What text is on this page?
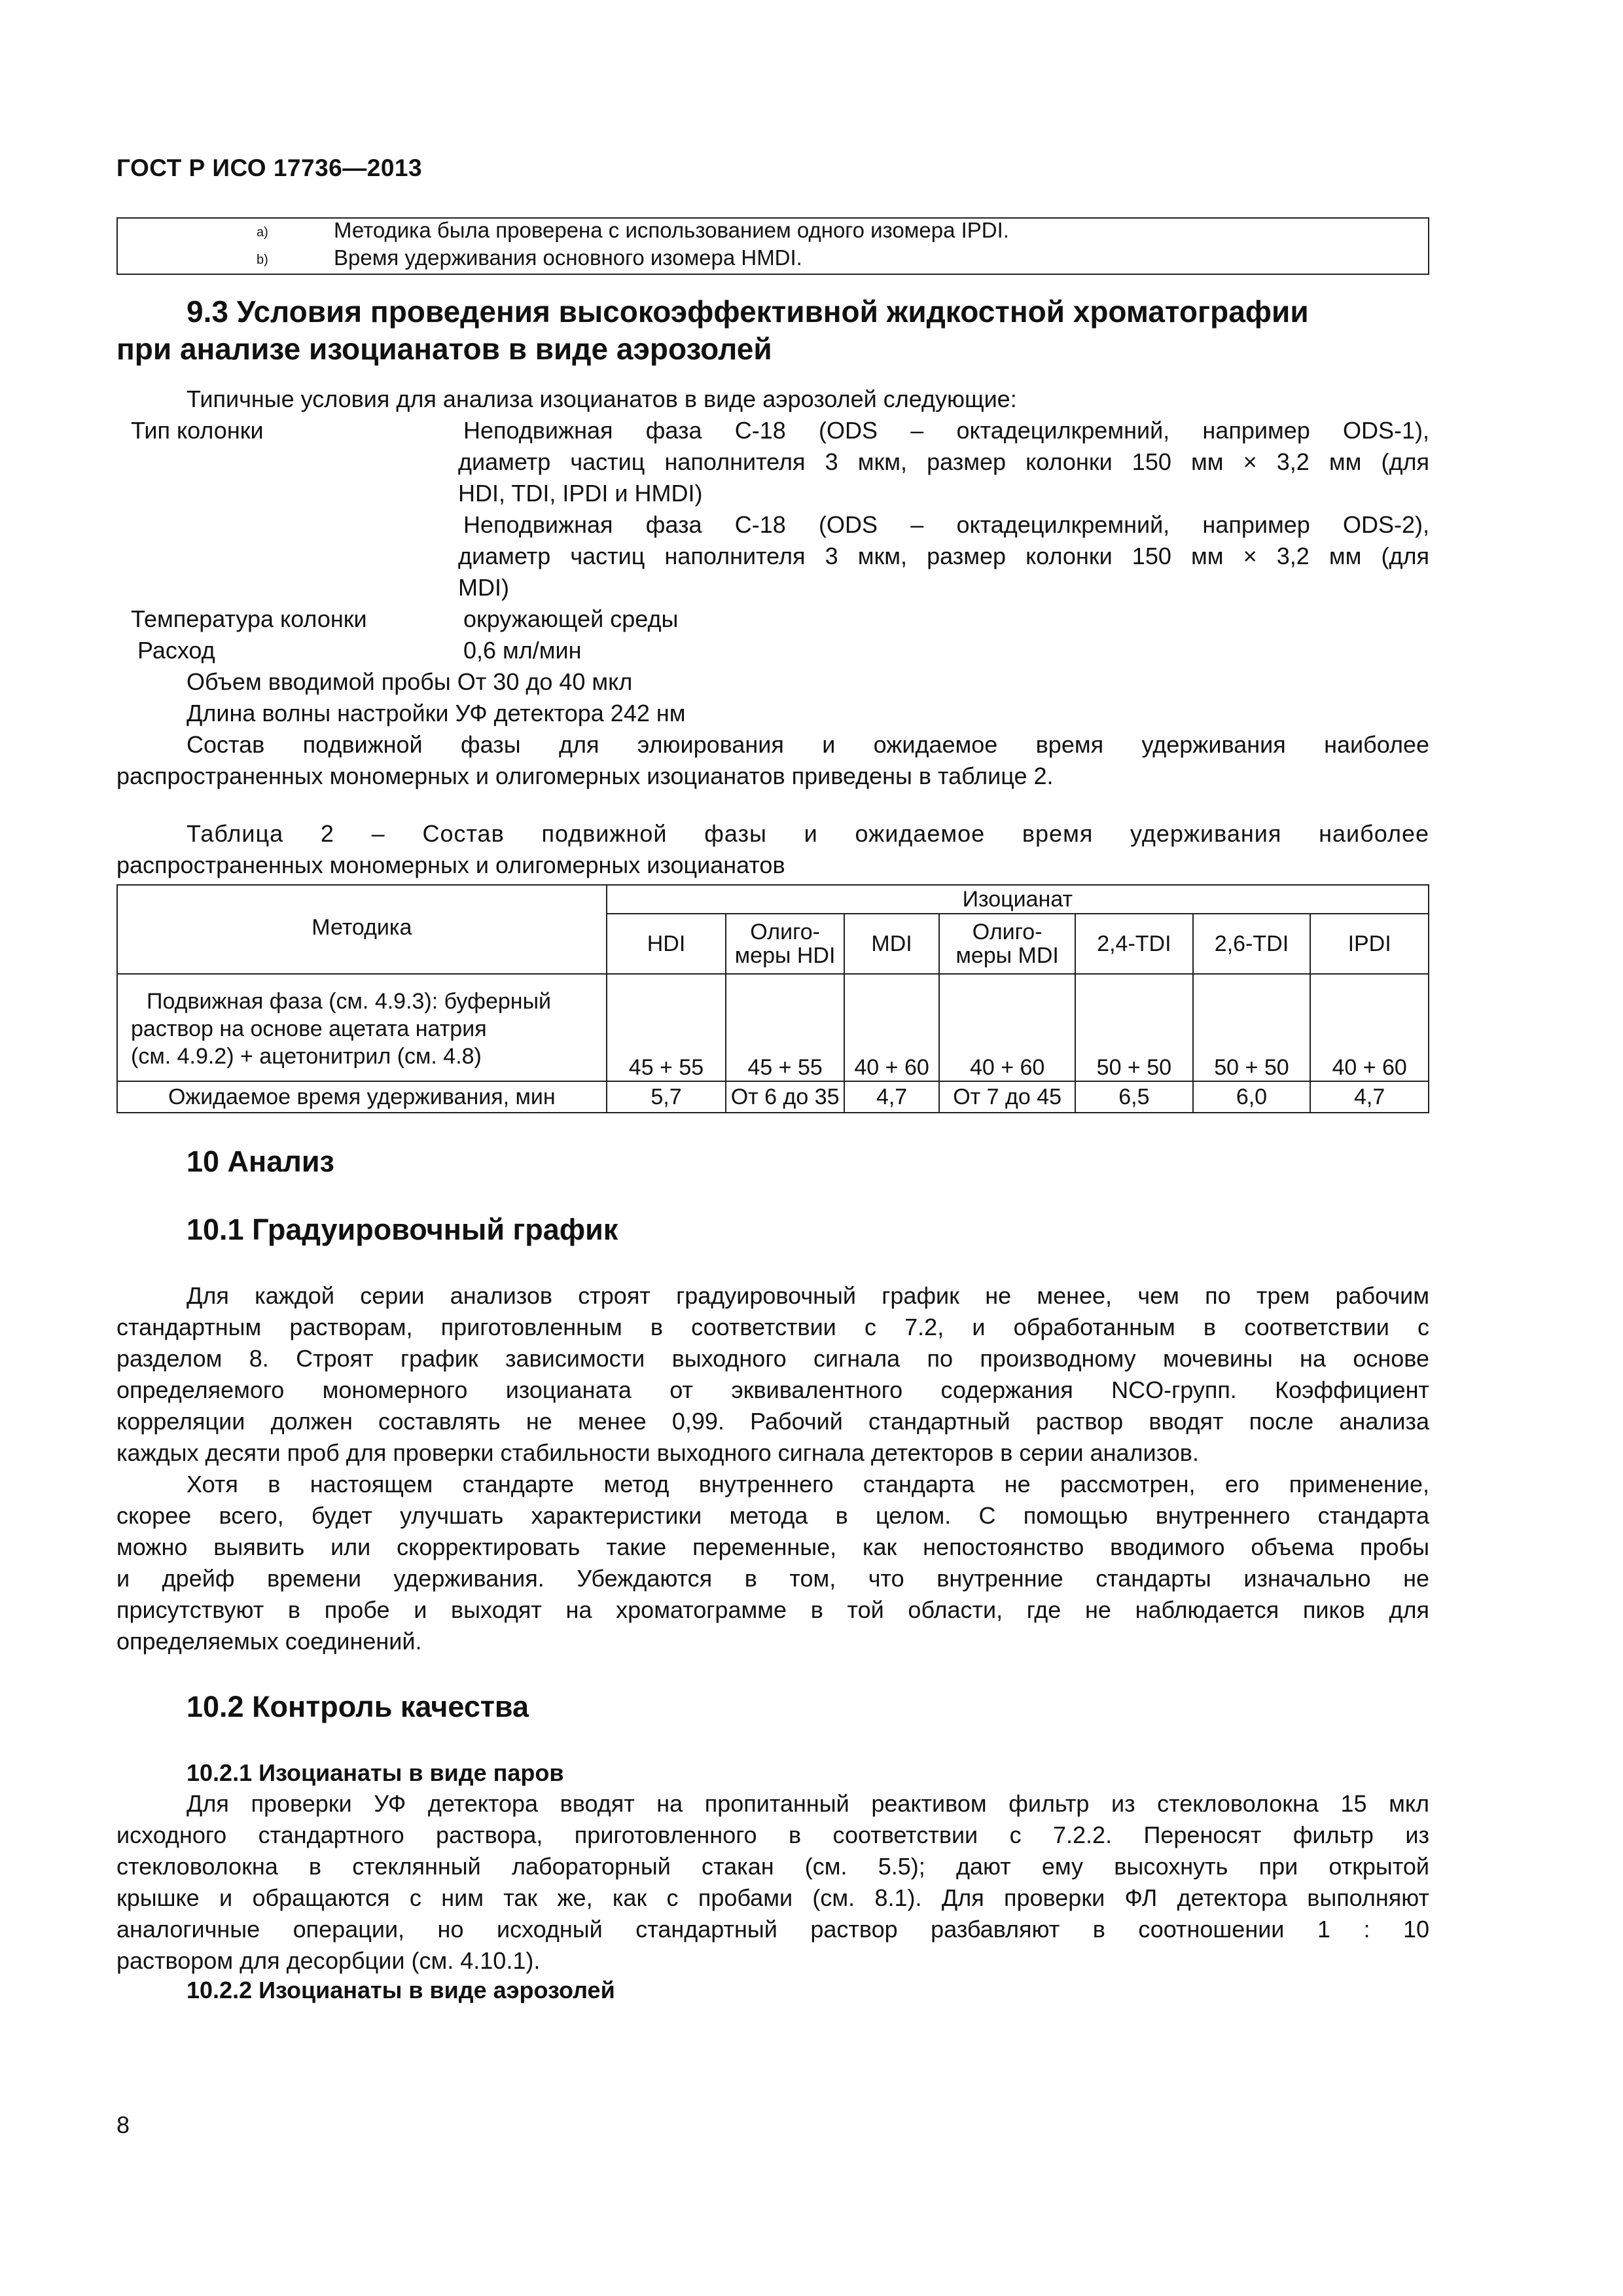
ГОСТ Р ИСО 17736—2013
a)	Методика была проверена с использованием одного изомера IPDI.
b)	Время удерживания основного изомера HMDI.
9.3 Условия проведения высокоэффективной жидкостной хроматографии
при анализе изоцианатов в виде аэрозолей
Типичные условия для анализа изоцианатов в виде аэрозолей следующие:
Тип колонки	Неподвижная фаза С-18 (ODS – октадецилкремний, например ODS-1),
диаметр частиц наполнителя 3 мкм, размер колонки 150 мм × 3,2 мм (для
HDI, TDI, IPDI и HMDI)
Неподвижная фаза С-18 (ODS – октадецилкремний, например ODS-2),
диаметр частиц наполнителя 3 мкм, размер колонки 150 мм × 3,2 мм (для
MDI)
Температура колонки	окружающей среды
Расход	0,6 мл/мин
Объем вводимой пробы От 30 до 40 мкл
Длина волны настройки УФ детектора 242 нм
Состав подвижной фазы для элюирования и ожидаемое время удерживания наиболее
распространенных мономерных и олигомерных изоцианатов приведены в таблице 2.
Таблица 2 – Состав подвижной фазы и ожидаемое время удерживания наиболее
распространенных мономерных и олигомерных изоцианатов
Методика	Изоцианат						
	HDI	Олиго-
меры HDI	MDI	Олиго-
меры MDI	2,4-TDI	2,6-TDI	IPDI

Подвижная фаза (см. 4.9.3): буферный
раствор на основе ацетата натрия
(см. 4.9.2) + ацетонитрил (см. 4.8)	45 + 55	45 + 55	40 + 60	40 + 60	50 + 50	50 + 50	40 + 60
Ожидаемое время удерживания, мин	5,7	От 6 до 35	4,7	От 7 до 45	6,5	6,0	4,7
10 Анализ
10.1 Градуировочный график
Для каждой серии анализов строят градуировочный график не менее, чем по трем рабочим
стандартным растворам, приготовленным в соответствии с 7.2, и обработанным в соответствии с
разделом 8. Строят график зависимости выходного сигнала по производному мочевины на основе
определяемого мономерного изоцианата от эквивалентного содержания NCO-групп. Коэффициент
корреляции должен составлять не менее 0,99. Рабочий стандартный раствор вводят после анализа
каждых десяти проб для проверки стабильности выходного сигнала детекторов в серии анализов.
Хотя в настоящем стандарте метод внутреннего стандарта не рассмотрен, его применение,
скорее всего, будет улучшать характеристики метода в целом. С помощью внутреннего стандарта
можно выявить или скорректировать такие переменные, как непостоянство вводимого объема пробы
и дрейф времени удерживания. Убеждаются в том, что внутренние стандарты изначально не
присутствуют в пробе и выходят на хроматограмме в той области, где не наблюдается пиков для
определяемых соединений.
10.2 Контроль качества
10.2.1 Изоцианаты в виде паров
Для проверки УФ детектора вводят на пропитанный реактивом фильтр из стекловолокна 15 мкл
исходного стандартного раствора, приготовленного в соответствии с 7.2.2. Переносят фильтр из
стекловолокна в стеклянный лабораторный стакан (см. 5.5); дают ему высохнуть при открытой
крышке и обращаются с ним так же, как с пробами (см. 8.1). Для проверки ФЛ детектора выполняют
аналогичные операции, но исходный стандартный раствор разбавляют в соотношении 1 : 10
раствором для десорбции (см. 4.10.1).
10.2.2 Изоцианаты в виде аэрозолей
8
